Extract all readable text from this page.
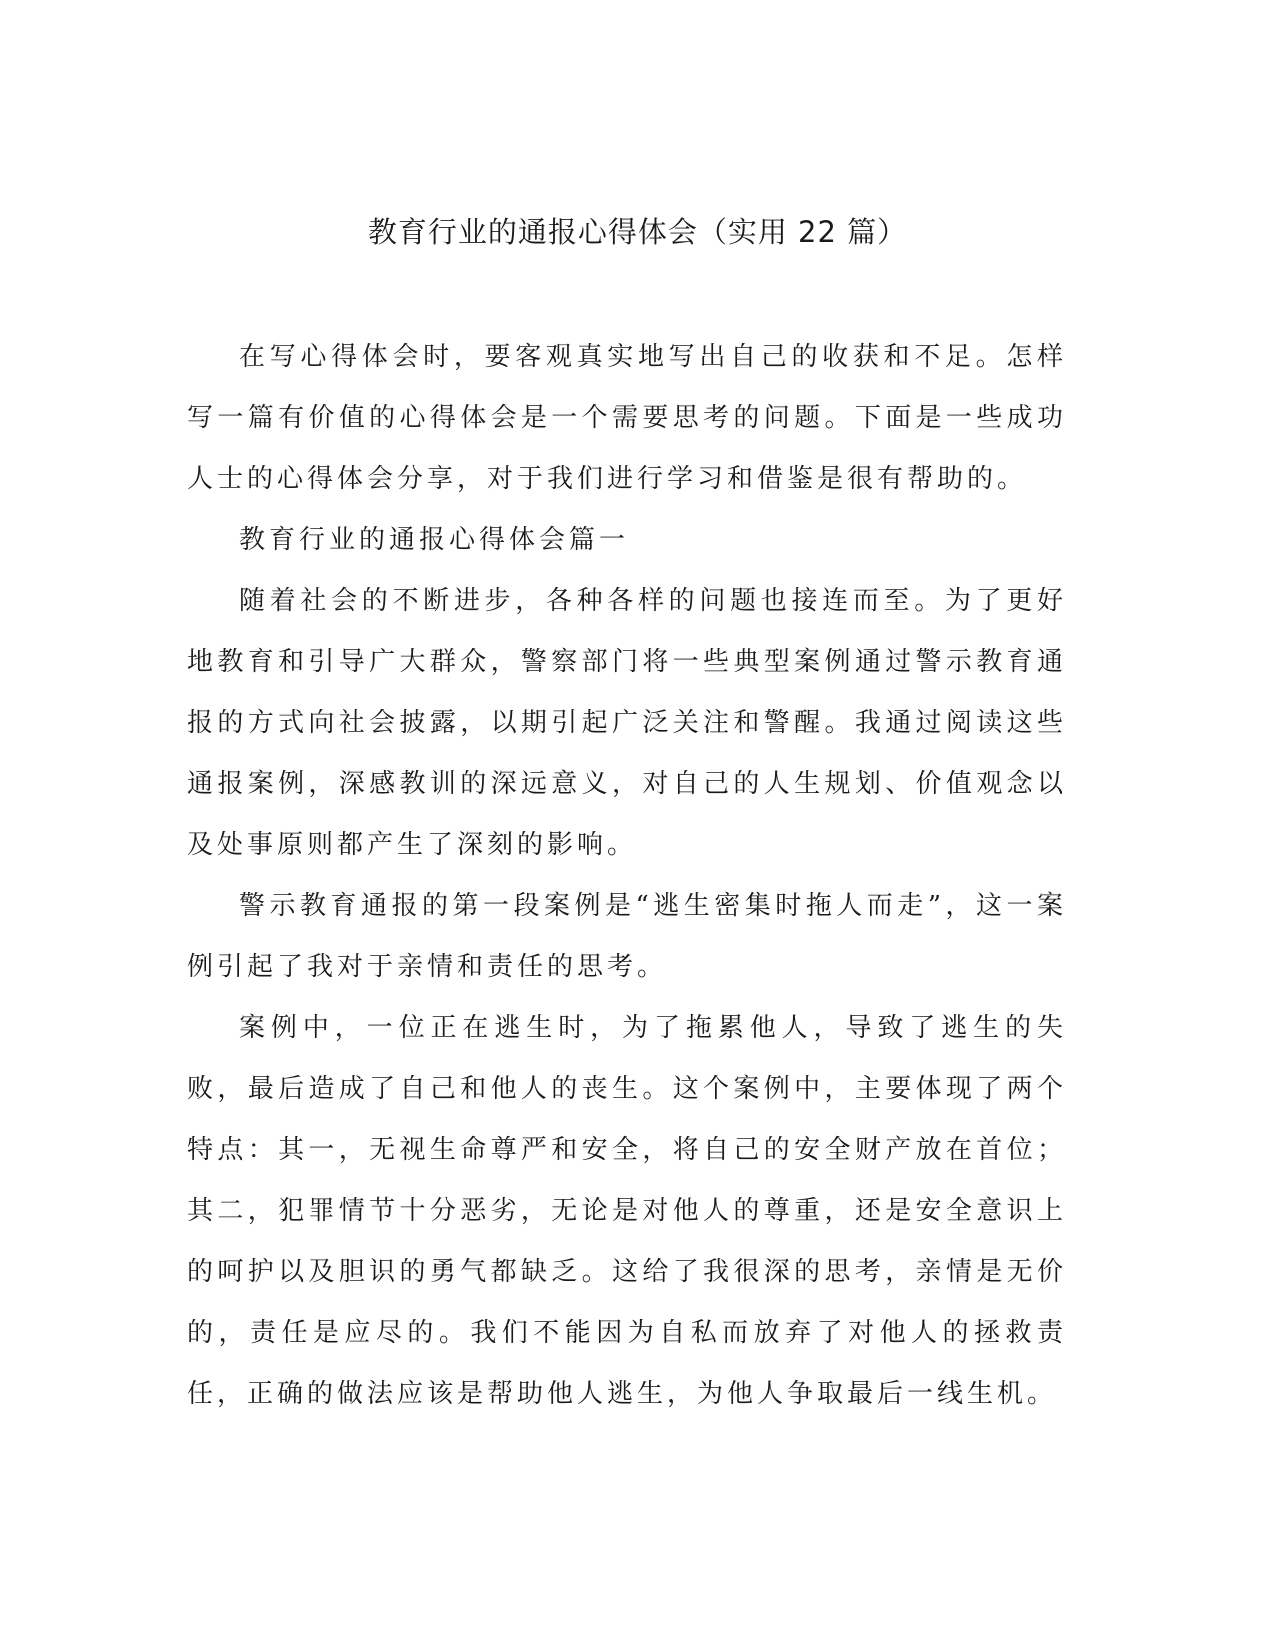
教育行业的通报心得体会（实用 22 篇）

在写心得体会时，要客观真实地写出自己的收获和不足。怎样写一篇有价值的心得体会是一个需要思考的问题。下面是一些成功人士的心得体会分享，对于我们进行学习和借鉴是很有帮助的。

教育行业的通报心得体会篇一

随着社会的不断进步，各种各样的问题也接连而至。为了更好地教育和引导广大群众，警察部门将一些典型案例通过警示教育通报的方式向社会披露，以期引起广泛关注和警醒。我通过阅读这些通报案例，深感教训的深远意义，对自己的人生规划、价值观念以及处事原则都产生了深刻的影响。

警示教育通报的第一段案例是“逃生密集时拖人而走”，这一案例引起了我对于亲情和责任的思考。

案例中，一位正在逃生时，为了拖累他人，导致了逃生的失败，最后造成了自己和他人的丧生。这个案例中，主要体现了两个特点：其一，无视生命尊严和安全，将自己的安全财产放在首位；其二，犯罪情节十分恶劣，无论是对他人的尊重，还是安全意识上的呵护以及胆识的勇气都缺乏。这给了我很深的思考，亲情是无价的，责任是应尽的。我们不能因为自私而放弃了对他人的拯救责任，正确的做法应该是帮助他人逃生，为他人争取最后一线生机。
